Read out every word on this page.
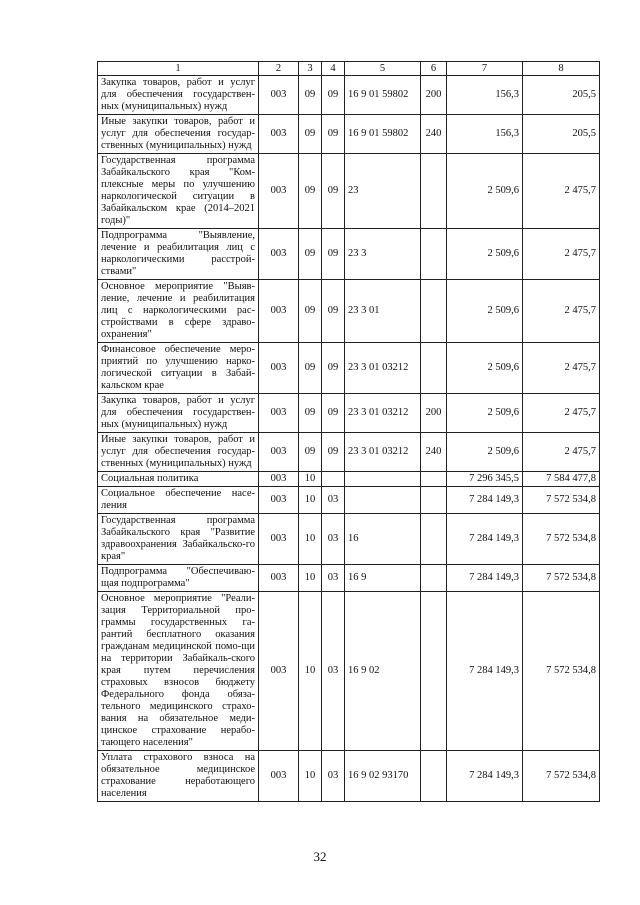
1	2	3	4	5	6	7	8
Закупка товаров, работ и услуг для обеспечения государствен-ных (муниципальных) нужд	003	09	09	16 9 01 59802	200	156,3	205,5
Иные закупки товаров, работ и услуг для обеспечения государ-ственных (муниципальных) нужд	003	09	09	16 9 01 59802	240	156,3	205,5
Государственная программа Забайкальского края "Ком-плексные меры по улучшению наркологической ситуации в Забайкальском крае (2014–2021 годы)"	003	09	09	23		2 509,6	2 475,7
Подпрограмма "Выявление, лечение и реабилитация лиц с наркологическими расстрой-ствами"	003	09	09	23 3		2 509,6	2 475,7
Основное мероприятие "Выяв-ление, лечение и реабилитация лиц с наркологическими рас-стройствами в сфере здраво-охранения"	003	09	09	23 3 01		2 509,6	2 475,7
Финансовое обеспечение меро-приятий по улучшению нарко-логической ситуации в Забай-кальском крае	003	09	09	23 3 01 03212		2 509,6	2 475,7
Закупка товаров, работ и услуг для обеспечения государствен-ных (муниципальных) нужд	003	09	09	23 3 01 03212	200	2 509,6	2 475,7
Иные закупки товаров, работ и услуг для обеспечения государ-ственных (муниципальных) нужд	003	09	09	23 3 01 03212	240	2 509,6	2 475,7
Социальная политика	003	10				7 296 345,5	7 584 477,8
Социальное обеспечение насе-ления	003	10	03			7 284 149,3	7 572 534,8
Государственная программа Забайкальского края "Развитие здравоохранения Забайкальско-го края"	003	10	03	16		7 284 149,3	7 572 534,8
Подпрограмма "Обеспечиваю-щая подпрограмма"	003	10	03	16 9		7 284 149,3	7 572 534,8
Основное мероприятие "Реали-зация Территориальной про-граммы государственных га-рантий бесплатного оказания гражданам медицинской помо-щи на территории Забайкаль-ского края путем перечисления страховых взносов бюджету Федерального фонда обяза-тельного медицинского страхо-вания на обязательное меди-цинское страхование нерабо-тающего населения"	003	10	03	16 9 02		7 284 149,3	7 572 534,8
Уплата страхового взноса на обязательное медицинское страхование неработающего населения	003	10	03	16 9 02 93170		7 284 149,3	7 572 534,8
32
